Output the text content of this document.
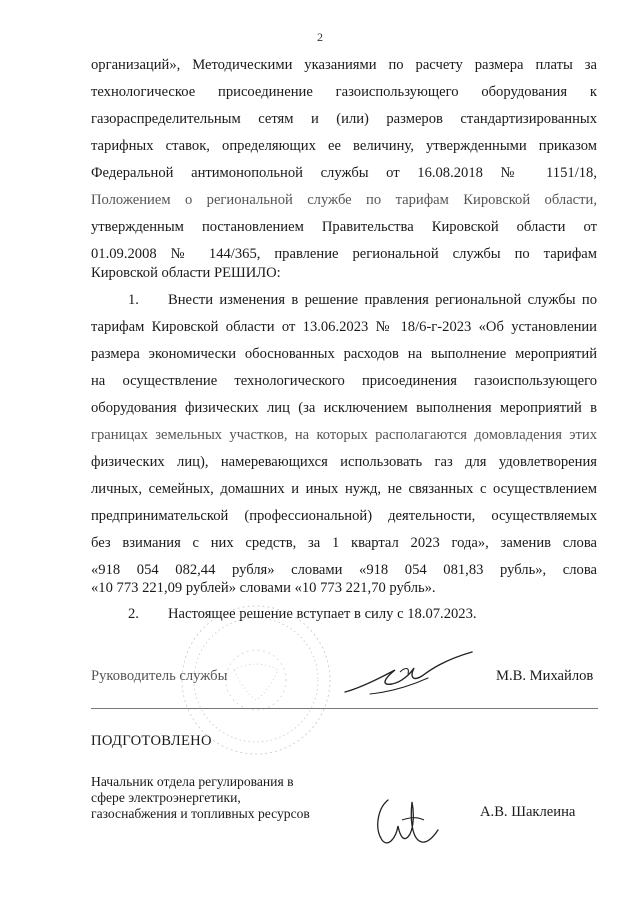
2
организаций», Методическими указаниями по расчету размера платы за
технологическое присоединение газоиспользующего оборудования к
газораспределительным сетям и (или) размеров стандартизированных
тарифных ставок, определяющих ее величину, утвержденными приказом
Федеральной антимонопольной службы от 16.08.2018 № 1151/18,
Положением о региональной службе по тарифам Кировской области,
утвержденным постановлением Правительства Кировской области от
01.09.2008 № 144/365, правление региональной службы по тарифам
Кировской области РЕШИЛО:
1. Внести изменения в решение правления региональной службы по
тарифам Кировской области от 13.06.2023 № 18/6-г-2023 «Об установлении
размера экономически обоснованных расходов на выполнение мероприятий
на осуществление технологического присоединения газоиспользующего
оборудования физических лиц (за исключением выполнения мероприятий в
границах земельных участков, на которых располагаются домовладения этих
физических лиц), намеревающихся использовать газ для удовлетворения
личных, семейных, домашних и иных нужд, не связанных с осуществлением
предпринимательской (профессиональной) деятельности, осуществляемых
без взимания с них средств, за 1 квартал 2023 года», заменив слова
«918 054 082,44 рубля» словами «918 054 081,83 рубль», слова
«10 773 221,09 рублей» словами «10 773 221,70 рубль».
2. Настоящее решение вступает в силу с 18.07.2023.
Руководитель службы	М.В. Михайлов
ПОДГОТОВЛЕНО
Начальник отдела регулирования в
сфере электроэнергетики,
газоснабжения и топливных ресурсов	А.В. Шаклеина
